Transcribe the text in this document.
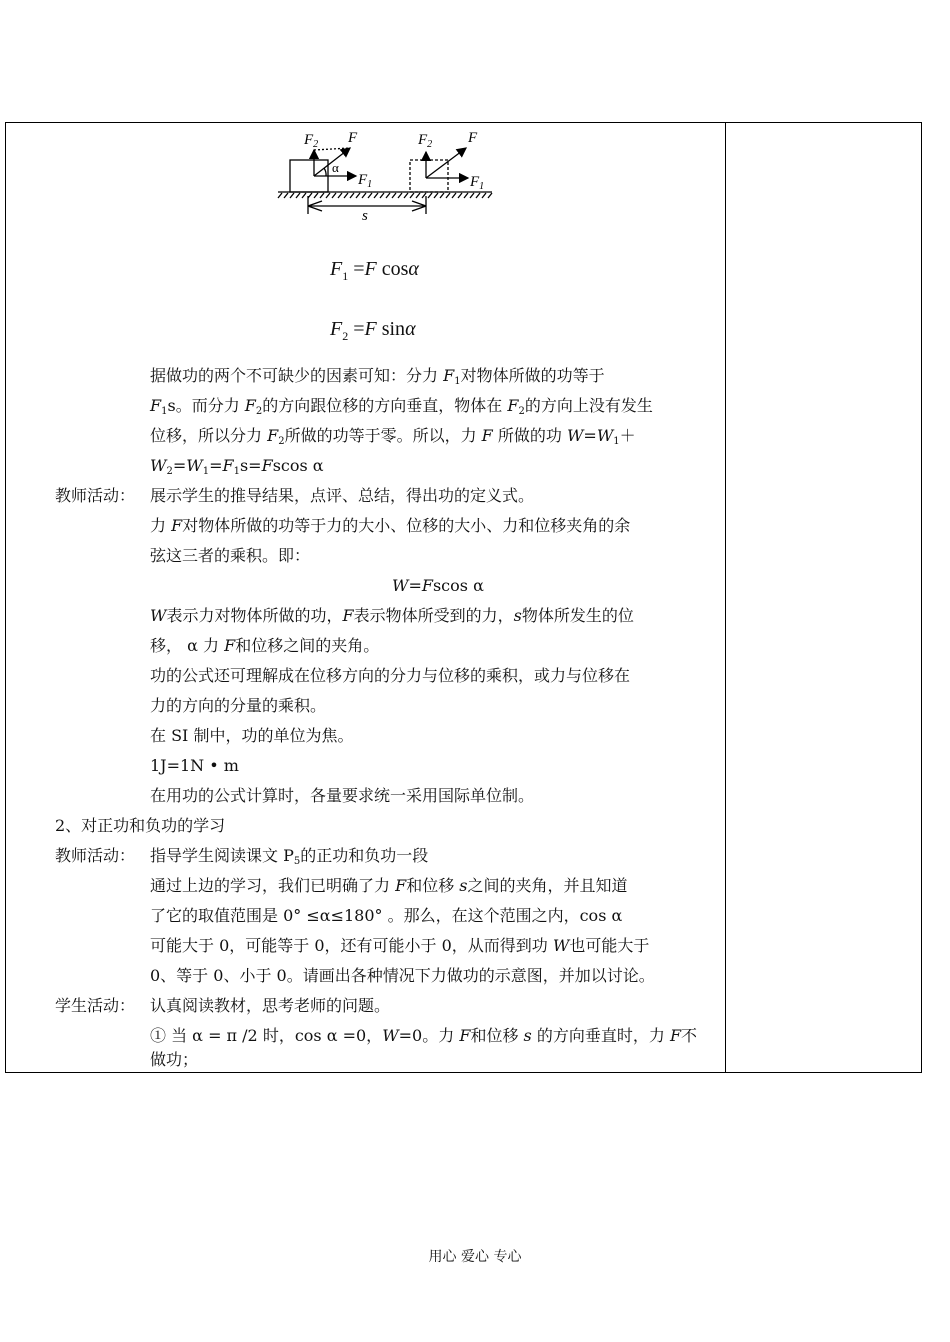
$F_2$ F
$F_1$
α
$F_2$ F
$F_1$
s
$F_1 =F$ cosα
$F_2 =F$ sinα
据做功的两个不可缺少的因素可知：分力 $F_1$对物体所做的功等于
$F_1s$。而分力 $F_2$的方向跟位移的方向垂直，物体在 $F_2$的方向上没有发生
位移，所以分力 $F_2$所做的功等于零。所以，力 F 所做的功 $W=W_1+$
$W_2=W_1=F_1s=Fscos$ α
教师活动： 展示学生的推导结果，点评、总结，得出功的定义式。
力 F对物体所做的功等于力的大小、位移的大小、力和位移夹角的余
弦这三者的乘积。即：
W=Fscos α
W表示力对物体所做的功，F表示物体所受到的力，s物体所发生的位
移， α 力 F和位移之间的夹角。
功的公式还可理解成在位移方向的分力与位移的乘积，或力与位移在
力的方向的分量的乘积。
在 SI 制中，功的单位为焦。
1J=1N • m
在用功的公式计算时，各量要求统一采用国际单位制。
2、对正功和负功的学习
教师活动： 指导学生阅读课文 $P_5$的正功和负功一段
通过上边的学习，我们已明确了力 F和位移 s之间的夹角，并且知道
了它的取值范围是 0° ≤α≤180° 。那么，在这个范围之内，cos α
可能大于 0，可能等于 0，还有可能小于 0，从而得到功 W也可能大于
0、等于 0、小于 0。请画出各种情况下力做功的示意图，并加以讨论。
学生活动： 认真阅读教材，思考老师的问题。
① 当 α = π /2 时，cos α =0，W=0。力 F和位移 s 的方向垂直时，力 F不
做功；
用心 爱心 专心
